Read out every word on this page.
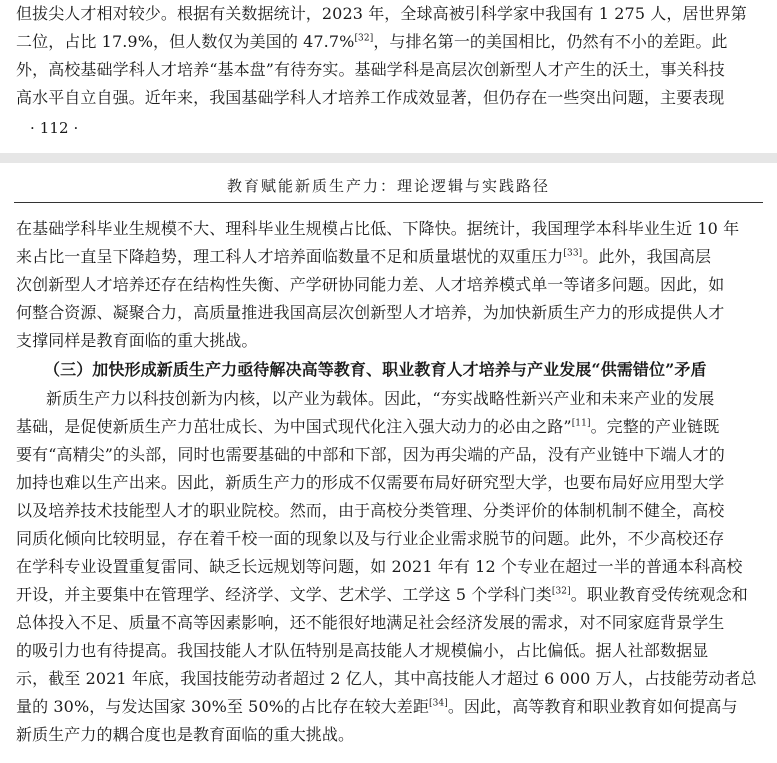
但拔尖人才相对较少。根据有关数据统计，2023 年，全球高被引科学家中我国有 1 275 人，居世界第
二位，占比 17.9%，但人数仅为美国的 47.7%[32]，与排名第一的美国相比，仍然有不小的差距。此
外，高校基础学科人才培养“基本盘”有待夯实。基础学科是高层次创新型人才产生的沃土，事关科技
高水平自立自强。近年来，我国基础学科人才培养工作成效显著，但仍存在一些突出问题，主要表现
· 112 ·
教育赋能新质生产力：理论逻辑与实践路径
在基础学科毕业生规模不大、理科毕业生规模占比低、下降快。据统计，我国理学本科毕业生近 10 年
来占比一直呈下降趋势，理工科人才培养面临数量不足和质量堪忧的双重压力[33]。此外，我国高层
次创新型人才培养还存在结构性失衡、产学研协同能力差、人才培养模式单一等诸多问题。因此，如
何整合资源、凝聚合力，高质量推进我国高层次创新型人才培养，为加快新质生产力的形成提供人才
支撑同样是教育面临的重大挑战。
（三）加快形成新质生产力亟待解决高等教育、职业教育人才培养与产业发展“供需错位”矛盾
新质生产力以科技创新为内核，以产业为载体。因此，“夯实战略性新兴产业和未来产业的发展
基础，是促使新质生产力茁壮成长、为中国式现代化注入强大动力的必由之路”[11]。完整的产业链既
要有“高精尖”的头部，同时也需要基础的中部和下部，因为再尖端的产品，没有产业链中下端人才的
加持也难以生产出来。因此，新质生产力的形成不仅需要布局好研究型大学，也要布局好应用型大学
以及培养技术技能型人才的职业院校。然而，由于高校分类管理、分类评价的体制机制不健全，高校
同质化倾向比较明显，存在着千校一面的现象以及与行业企业需求脱节的问题。此外，不少高校还存
在学科专业设置重复雷同、缺乏长远规划等问题，如 2021 年有 12 个专业在超过一半的普通本科高校
开设，并主要集中在管理学、经济学、文学、艺术学、工学这 5 个学科门类[32]。职业教育受传统观念和
总体投入不足、质量不高等因素影响，还不能很好地满足社会经济发展的需求，对不同家庭背景学生
的吸引力也有待提高。我国技能人才队伍特别是高技能人才规模偏小，占比偏低。据人社部数据显
示，截至 2021 年底，我国技能劳动者超过 2 亿人，其中高技能人才超过 6 000 万人，占技能劳动者总
量的 30%，与发达国家 30%至 50%的占比存在较大差距[34]。因此，高等教育和职业教育如何提高与
新质生产力的耦合度也是教育面临的重大挑战。
